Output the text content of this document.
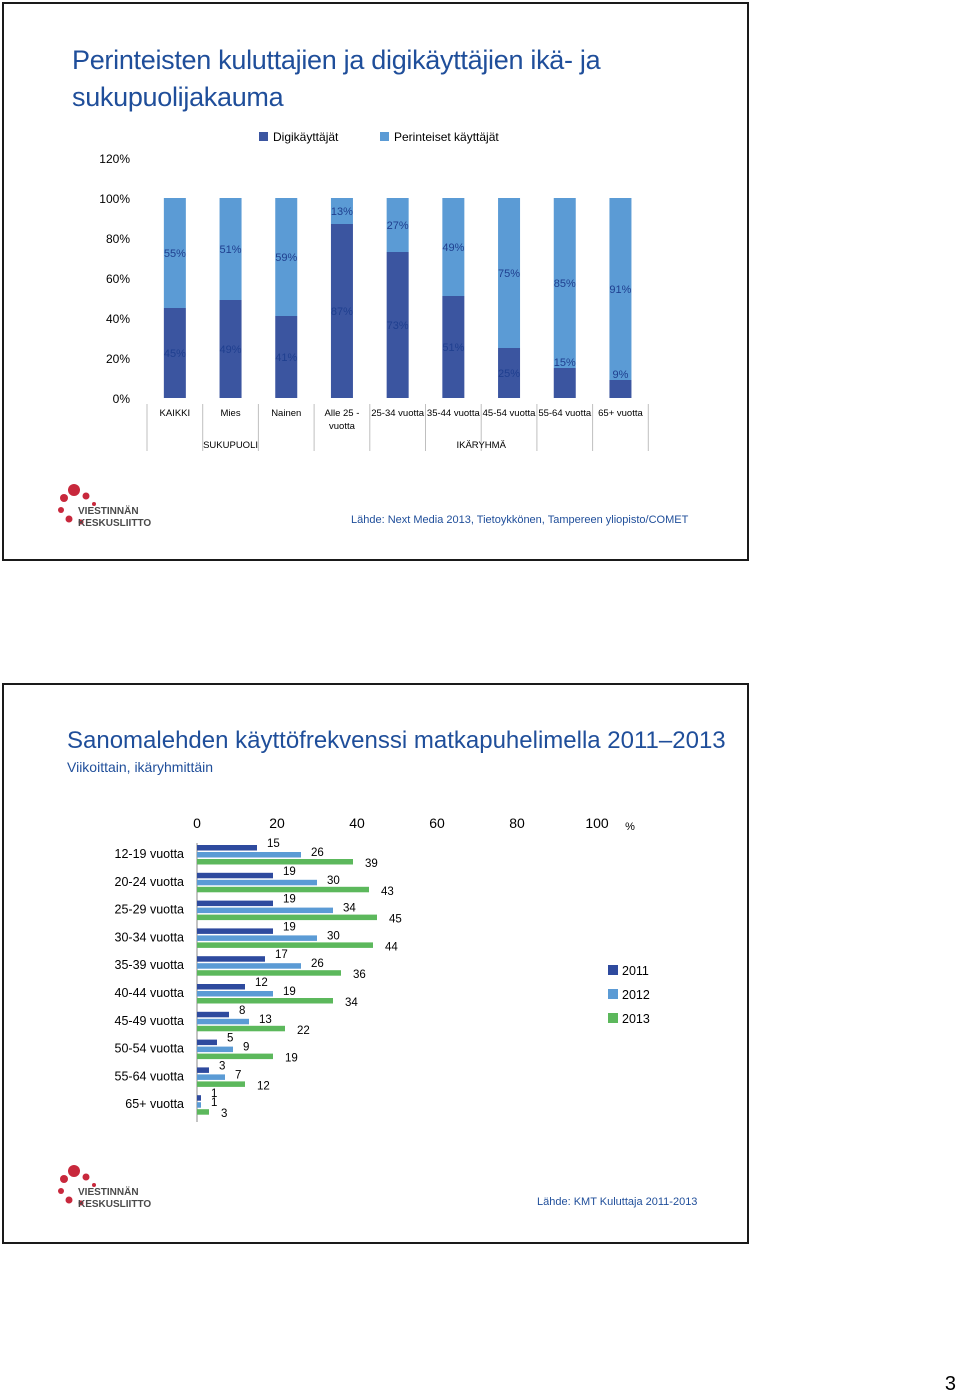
Perinteisten kuluttajien ja digikäyttäjien ikä- ja sukupuolijakauma
0%
20%
40%
60%
80%
100%
120%
Digikäyttäjät	Perinteiset käyttäjät
45%
55%
KAIKKI
49%
51%
Mies
41%
59%
Nainen
87%
13%
Alle 25 -
vuotta
73%
27%
25-34 vuotta
51%
49%
35-44 vuotta
25%
75%
45-54 vuotta
15%
85%
55-64 vuotta
9%
91%
65+ vuotta
SUKUPUOLI	IKÄRYHMÄ
VIESTINNÄN
KESKUSLIITTO	Lähde: Next Media 2013, Tietoykkönen, Tampereen yliopisto/COMET
Sanomalehden käyttöfrekvenssi matkapuhelimella 2011–2013
Viikoittain, ikäryhmittäin
0	20	40	60	80	100 %
12-19 vuotta
15
26
39
20-24 vuotta
19
30
43
25-29 vuotta
19
34
45
30-34 vuotta
19
30
44
35-39 vuotta
17
26
36
40-44 vuotta
12
19
34
45-49 vuotta
8
13
22
50-54 vuotta
5
9
19
55-64 vuotta
3
7
12
65+ vuotta
1
1
3
2011
2012
2013
VIESTINNÄN
KESKUSLIITTO	Lähde: KMT Kuluttaja 2011-2013
3
